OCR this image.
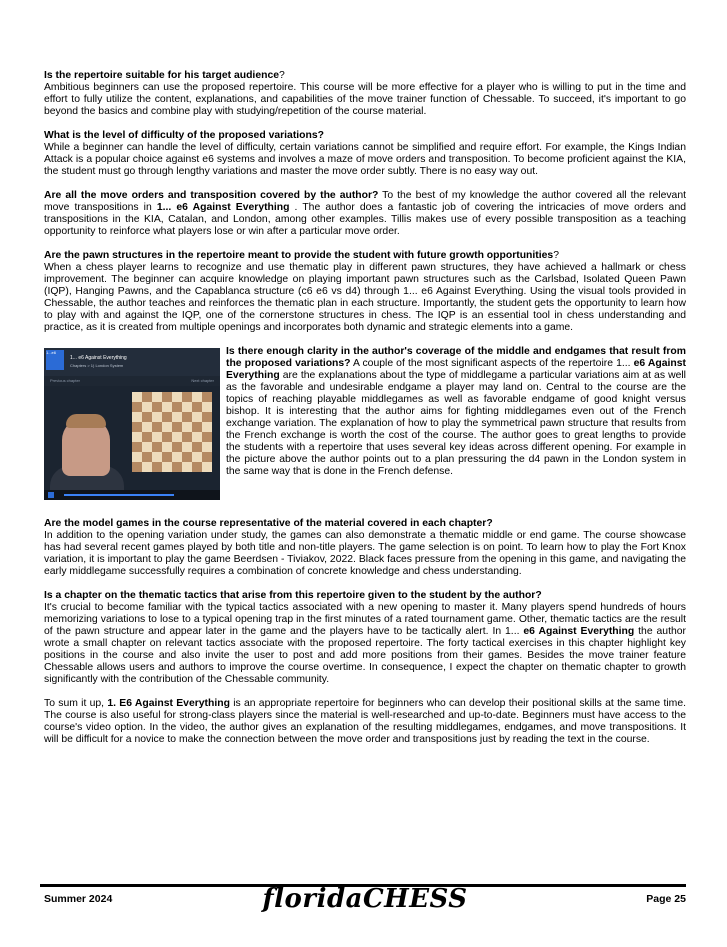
Is the repertoire suitable for his target audience?
Ambitious beginners can use the proposed repertoire. This course will be more effective for a player who is willing to put in the time and effort to fully utilize the content, explanations, and capabilities of the move trainer function of Chessable. To succeed, it's important to go beyond the basics and combine play with studying/repetition of the course material.

What is the level of difficulty of the proposed variations?
While a beginner can handle the level of difficulty, certain variations cannot be simplified and require effort. For example, the Kings Indian Attack is a popular choice against e6 systems and involves a maze of move orders and transposition. To become proficient against the KIA, the student must go through lengthy variations and master the move order subtly. There is no easy way out.

Are all the move orders and transposition covered by the author? To the best of my knowledge the author covered all the relevant move transpositions in 1... e6 Against Everything . The author does a fantastic job of covering the intricacies of move orders and transpositions in the KIA, Catalan, and London, among other examples. Tillis makes use of every possible transposition as a teaching opportunity to reinforce what players lose or win after a particular move order.

Are the pawn structures in the repertoire meant to provide the student with future growth opportunities?
When a chess player learns to recognize and use thematic play in different pawn structures, they have achieved a hallmark or chess improvement. The beginner can acquire knowledge on playing important pawn structures such as the Carlsbad, Isolated Queen Pawn (IQP), Hanging Pawns, and the Capablanca structure (c6 e6 vs d4) through 1... e6 Against Everything. Using the visual tools provided in Chessable, the author teaches and reinforces the thematic plan in each structure. Importantly, the student gets the opportunity to learn how to play with and against the IQP, one of the cornerstone structures in chess. The IQP is an essential tool in chess understanding and practice, as it is created from multiple openings and incorporates both dynamic and strategic elements into a game.

1...e6
1... e6 Against Everything
Chapters > 1) London System
Previous chapter	Next chapter

Is there enough clarity in the author's coverage of the middle and endgames that result from the proposed variations? A couple of the most significant aspects of the repertoire 1... e6 Against Everything are the explanations about the type of middlegame a particular variations aim at as well as the favorable and undesirable endgame a player may land on. Central to the course are the topics of reaching playable middlegames as well as favorable endgame of good knight versus bishop. It is interesting that the author aims for fighting middlegames even out of the French exchange variation. The explanation of how to play the symmetrical pawn structure that results from the French exchange is worth the cost of the course. The author goes to great lengths to provide the students with a repertoire that uses several key ideas across different opening. For example in the picture above the author points out to a plan pressuring the d4 pawn in the London system in the same way that is done in the French defense.

Are the model games in the course representative of the material covered in each chapter?
In addition to the opening variation under study, the games can also demonstrate a thematic middle or end game. The course showcase has had several recent games played by both title and non-title players. The game selection is on point. To learn how to play the Fort Knox variation, it is important to play the game Beerdsen - Tiviakov, 2022. Black faces pressure from the opening in this game, and navigating the early middlegame successfully requires a combination of concrete knowledge and chess understanding.

Is a chapter on the thematic tactics that arise from this repertoire given to the student by the author?
It's crucial to become familiar with the typical tactics associated with a new opening to master it. Many players spend hundreds of hours memorizing variations to lose to a typical opening trap in the first minutes of a rated tournament game. Other, thematic tactics are the result of the pawn structure and appear later in the game and the players have to be tactically alert. In 1... e6 Against Everything the author wrote a small chapter on relevant tactics associate with the proposed repertoire. The forty tactical exercises in this chapter highlight key positions in the course and also invite the user to post and add more positions from their games. Besides the move trainer feature Chessable allows users and authors to improve the course overtime. In consequence, I expect the chapter on thematic chapter to growth significantly with the contribution of the Chessable community.

To sum it up, 1. E6 Against Everything is an appropriate repertoire for beginners who can develop their positional skills at the same time. The course is also useful for strong-class players since the material is well-researched and up-to-date. Beginners must have access to the course's video option. In the video, the author gives an explanation of the resulting middlegames, endgames, and move transpositions. It will be difficult for a novice to make the connection between the move order and transpositions just by reading the text in the course.

Summer 2024	floridaCHESS	Page 25
